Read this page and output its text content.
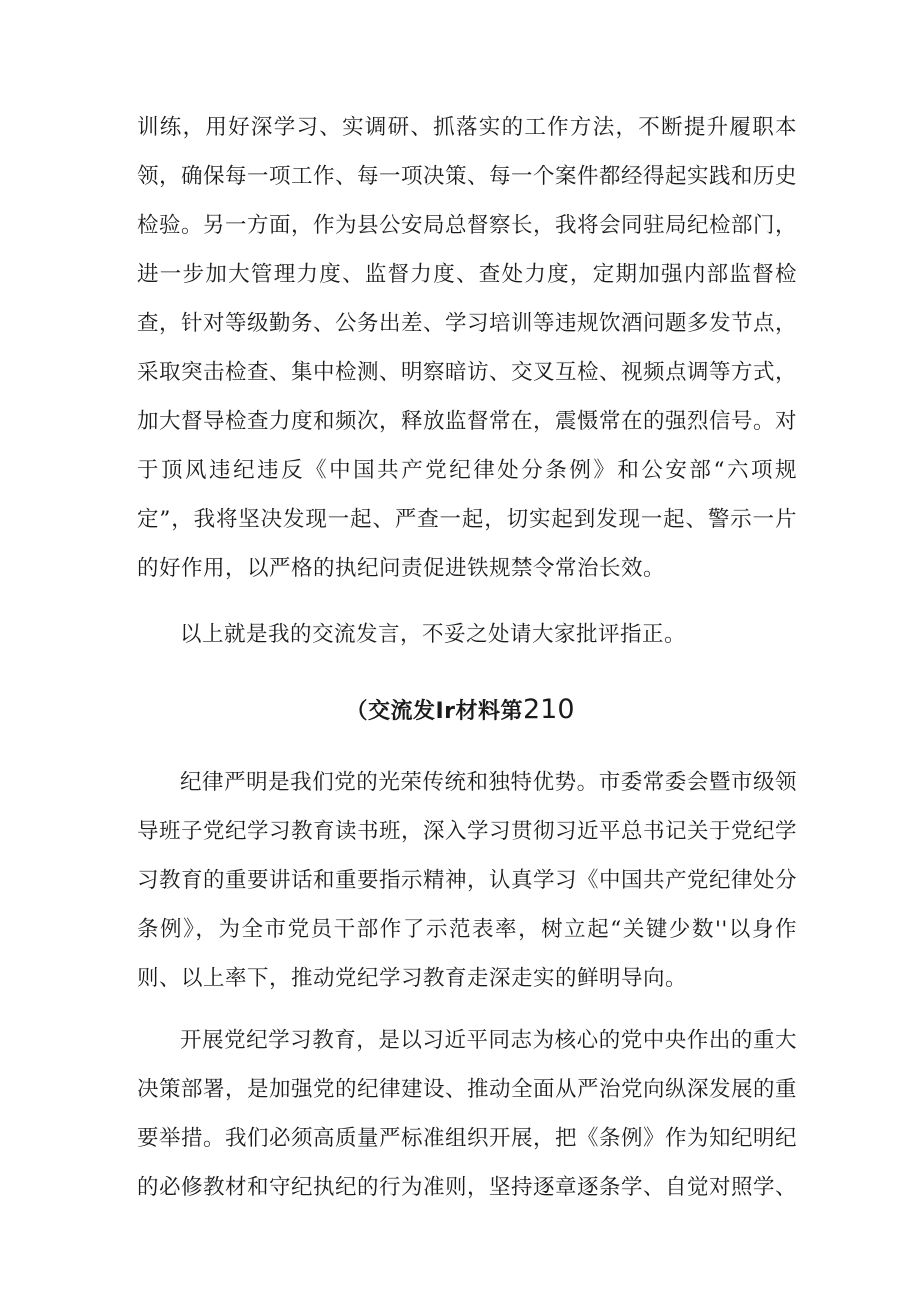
训练，用好深学习、实调研、抓落实的工作方法，不断提升履职本领，确保每一项工作、每一项决策、每一个案件都经得起实践和历史检验。另一方面，作为县公安局总督察长，我将会同驻局纪检部门，进一步加大管理力度、监督力度、查处力度，定期加强内部监督检查，针对等级勤务、公务出差、学习培训等违规饮酒问题多发节点，采取突击检查、集中检测、明察暗访、交叉互检、视频点调等方式，加大督导检查力度和频次，释放监督常在，震慑常在的强烈信号。对于顶风违纪违反《中国共产党纪律处分条例》和公安部“六项规定”，我将坚决发现一起、严查一起，切实起到发现一起、警示一片的好作用，以严格的执纪问责促进铁规禁令常治长效。

以上就是我的交流发言，不妥之处请大家批评指正。

（交流发Ir材料第210

纪律严明是我们党的光荣传统和独特优势。市委常委会暨市级领导班子党纪学习教育读书班，深入学习贯彻习近平总书记关于党纪学习教育的重要讲话和重要指示精神，认真学习《中国共产党纪律处分条例》，为全市党员干部作了示范表率，树立起“关键少数''以身作则、以上率下，推动党纪学习教育走深走实的鲜明导向。

开展党纪学习教育，是以习近平同志为核心的党中央作出的重大决策部署，是加强党的纪律建设、推动全面从严治党向纵深发展的重要举措。我们必须高质量严标准组织开展，把《条例》作为知纪明纪的必修教材和守纪执纪的行为准则，坚持逐章逐条学、自觉对照学、
